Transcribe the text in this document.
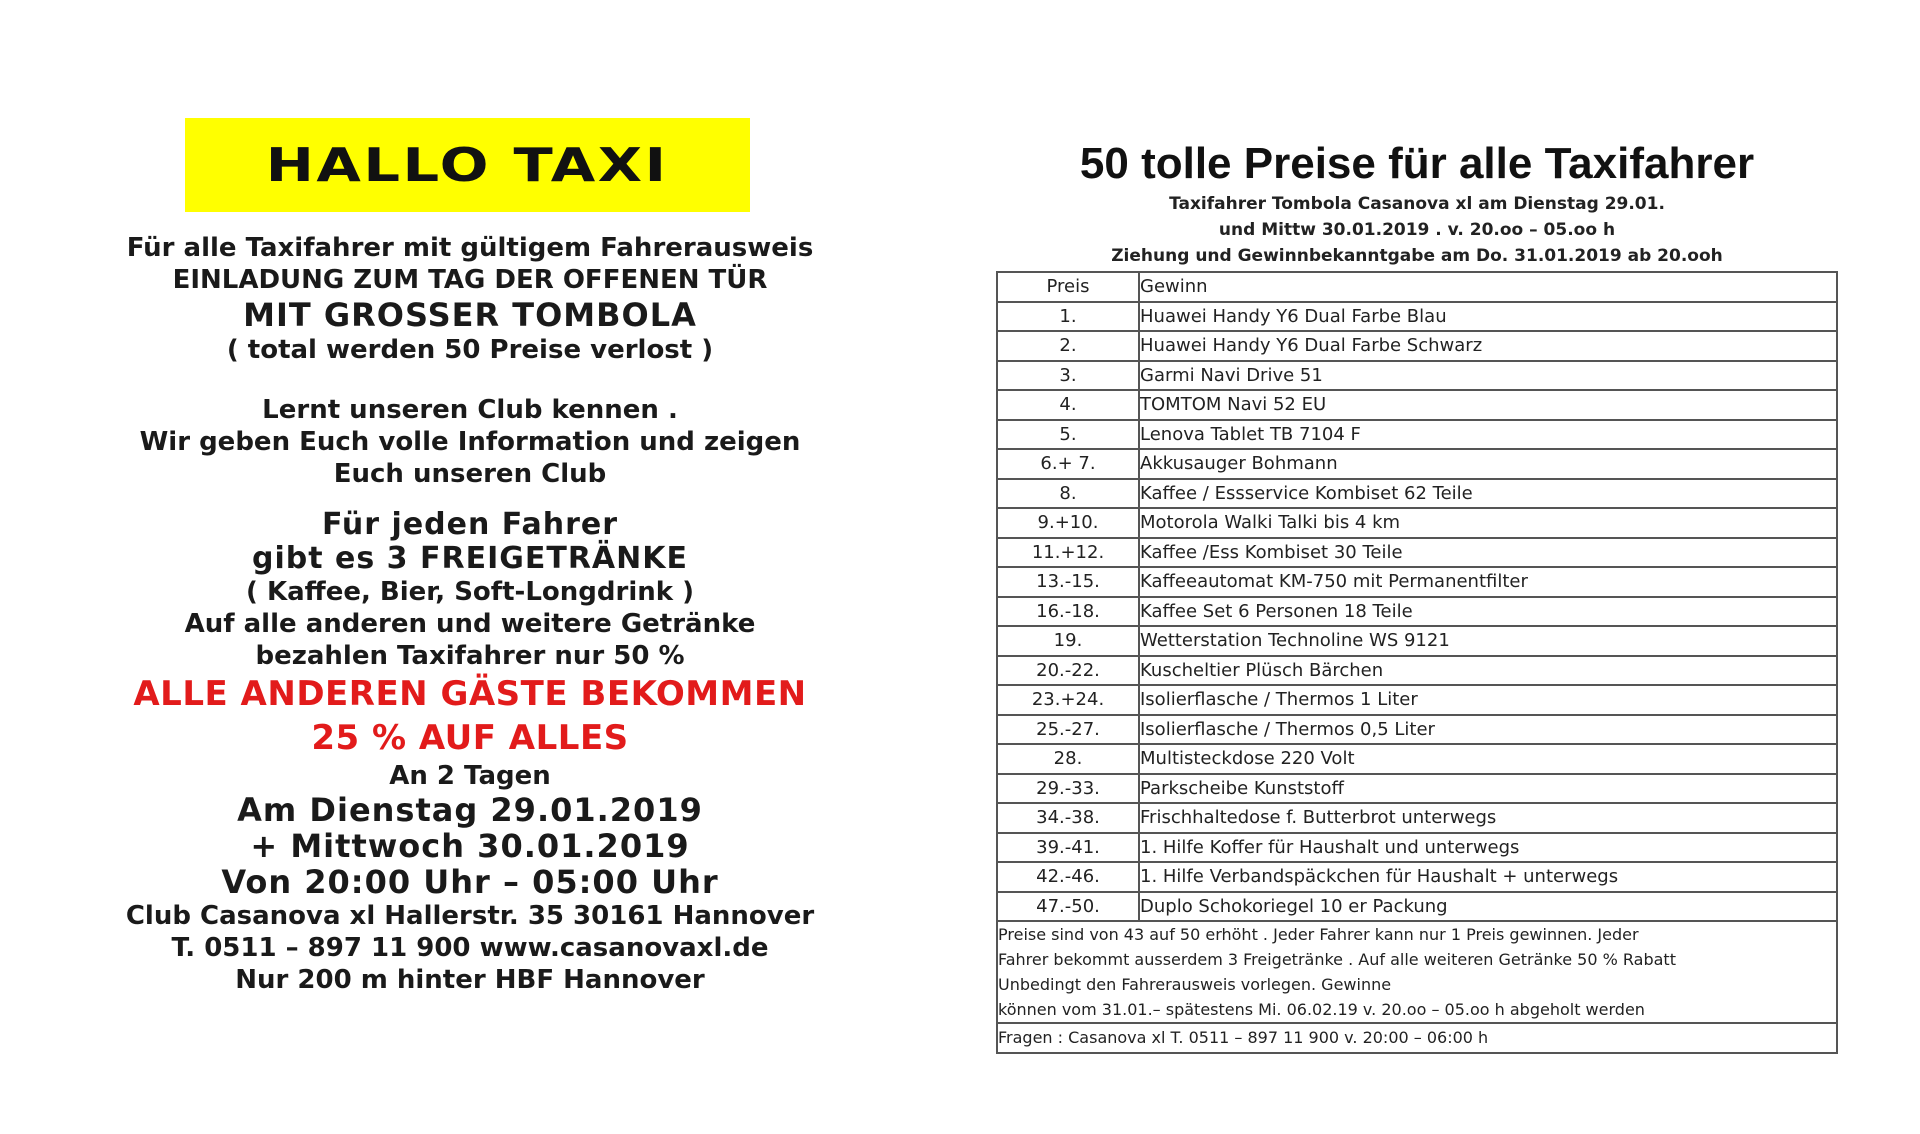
HALLO TAXI
Für alle Taxifahrer mit gültigem Fahrerausweis
EINLADUNG ZUM TAG DER OFFENEN TÜR
MIT GROSSER TOMBOLA
( total werden 50 Preise verlost )
Lernt unseren Club kennen .
Wir geben Euch volle Information und zeigen
Euch unseren Club
Für jeden Fahrer
gibt es 3 FREIGETRÄNKE
( Kaffee, Bier, Soft-Longdrink )
Auf alle anderen und weitere Getränke
bezahlen Taxifahrer nur 50 %
ALLE ANDEREN GÄSTE BEKOMMEN
25 % AUF ALLES
An 2 Tagen
Am Dienstag 29.01.2019
+ Mittwoch 30.01.2019
Von 20:00 Uhr – 05:00 Uhr
Club Casanova xl Hallerstr. 35 30161 Hannover
T. 0511 – 897 11 900 www.casanovaxl.de
Nur 200 m hinter HBF Hannover
50 tolle Preise für alle Taxifahrer
Taxifahrer Tombola Casanova xl am Dienstag 29.01.
und Mittw 30.01.2019 . v. 20.oo – 05.oo h
Ziehung und Gewinnbekanntgabe am Do. 31.01.2019 ab 20.ooh
Preis	Gewinn
1.	Huawei Handy Y6 Dual Farbe Blau
2.	Huawei Handy Y6 Dual Farbe Schwarz
3.	Garmi Navi Drive 51
4.	TOMTOM Navi 52 EU
5.	Lenova Tablet TB 7104 F
6.+ 7.	Akkusauger Bohmann
8.	Kaffee / Essservice Kombiset 62 Teile
9.+10.	Motorola Walki Talki bis 4 km
11.+12.	Kaffee /Ess Kombiset 30 Teile
13.-15.	Kaffeeautomat KM-750 mit Permanentfilter
16.-18.	Kaffee Set 6 Personen 18 Teile
19.	Wetterstation Technoline WS 9121
20.-22.	Kuscheltier Plüsch Bärchen
23.+24.	Isolierflasche / Thermos 1 Liter
25.-27.	Isolierflasche / Thermos 0,5 Liter
28.	Multisteckdose 220 Volt
29.-33.	Parkscheibe Kunststoff
34.-38.	Frischhaltedose f. Butterbrot unterwegs
39.-41.	1. Hilfe Koffer für Haushalt und unterwegs
42.-46.	1. Hilfe Verbandspäckchen für Haushalt + unterwegs
47.-50.	Duplo Schokoriegel 10 er Packung

Preise sind von 43 auf 50 erhöht . Jeder Fahrer kann nur 1 Preis gewinnen. Jeder
Fahrer bekommt ausserdem 3 Freigetränke . Auf alle weiteren Getränke 50 % Rabatt
Unbedingt den Fahrerausweis vorlegen. Gewinne
können vom 31.01.– spätestens Mi. 06.02.19 v. 20.oo – 05.oo h abgeholt werden	

Fragen : Casanova xl T. 0511 – 897 11 900 v. 20:00 – 06:00 h	
